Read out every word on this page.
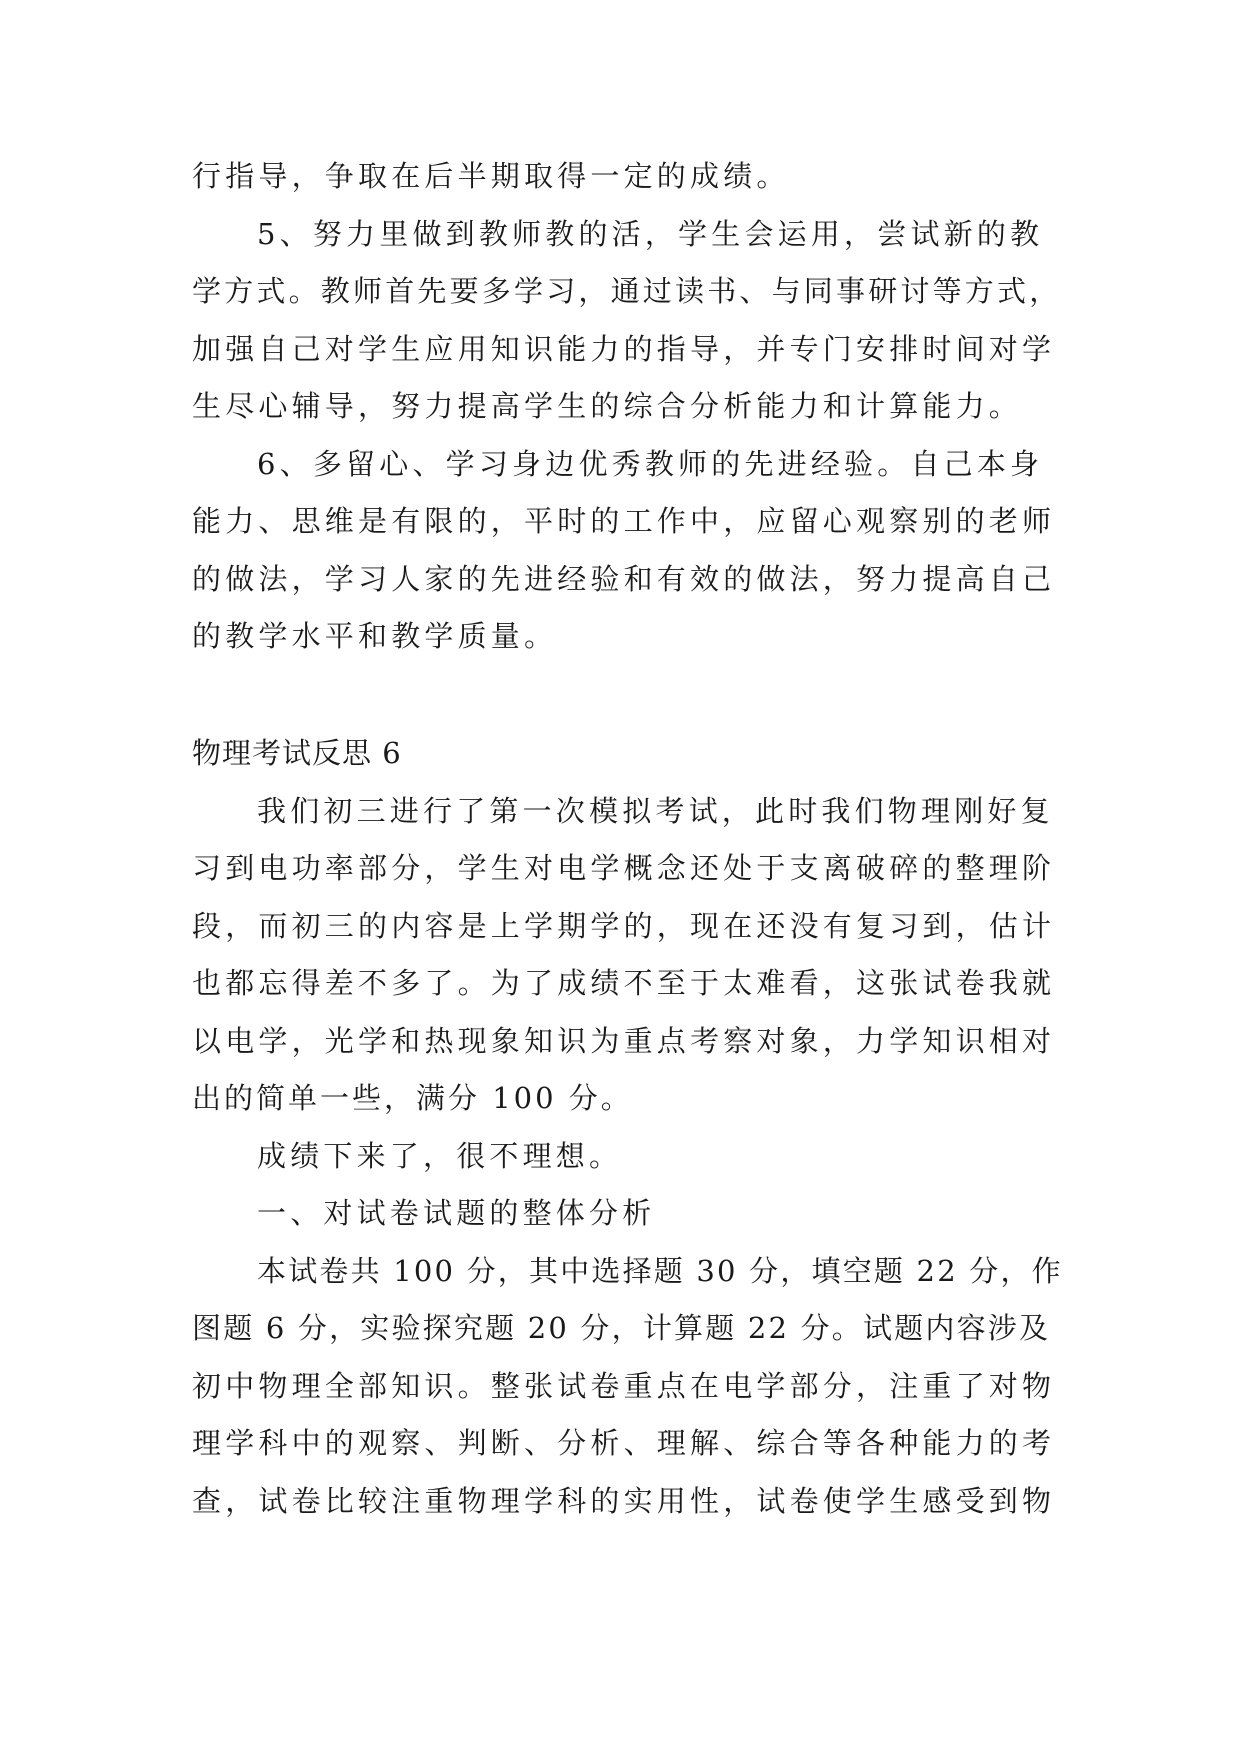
行指导，争取在后半期取得一定的成绩。
5、努力里做到教师教的活，学生会运用，尝试新的教
学方式。教师首先要多学习，通过读书、与同事研讨等方式，
加强自己对学生应用知识能力的指导，并专门安排时间对学
生尽心辅导，努力提高学生的综合分析能力和计算能力。
6、多留心、学习身边优秀教师的先进经验。自己本身
能力、思维是有限的，平时的工作中，应留心观察别的老师
的做法，学习人家的先进经验和有效的做法，努力提高自己
的教学水平和教学质量。
物理考试反思 6
我们初三进行了第一次模拟考试，此时我们物理刚好复
习到电功率部分，学生对电学概念还处于支离破碎的整理阶
段，而初三的内容是上学期学的，现在还没有复习到，估计
也都忘得差不多了。为了成绩不至于太难看，这张试卷我就
以电学，光学和热现象知识为重点考察对象，力学知识相对
出的简单一些，满分 100 分。
成绩下来了，很不理想。
一、对试卷试题的整体分析
本试卷共 100 分，其中选择题 30 分，填空题 22 分，作
图题 6 分，实验探究题 20 分，计算题 22 分。试题内容涉及
初中物理全部知识。整张试卷重点在电学部分，注重了对物
理学科中的观察、判断、分析、理解、综合等各种能力的考
查，试卷比较注重物理学科的实用性，试卷使学生感受到物
